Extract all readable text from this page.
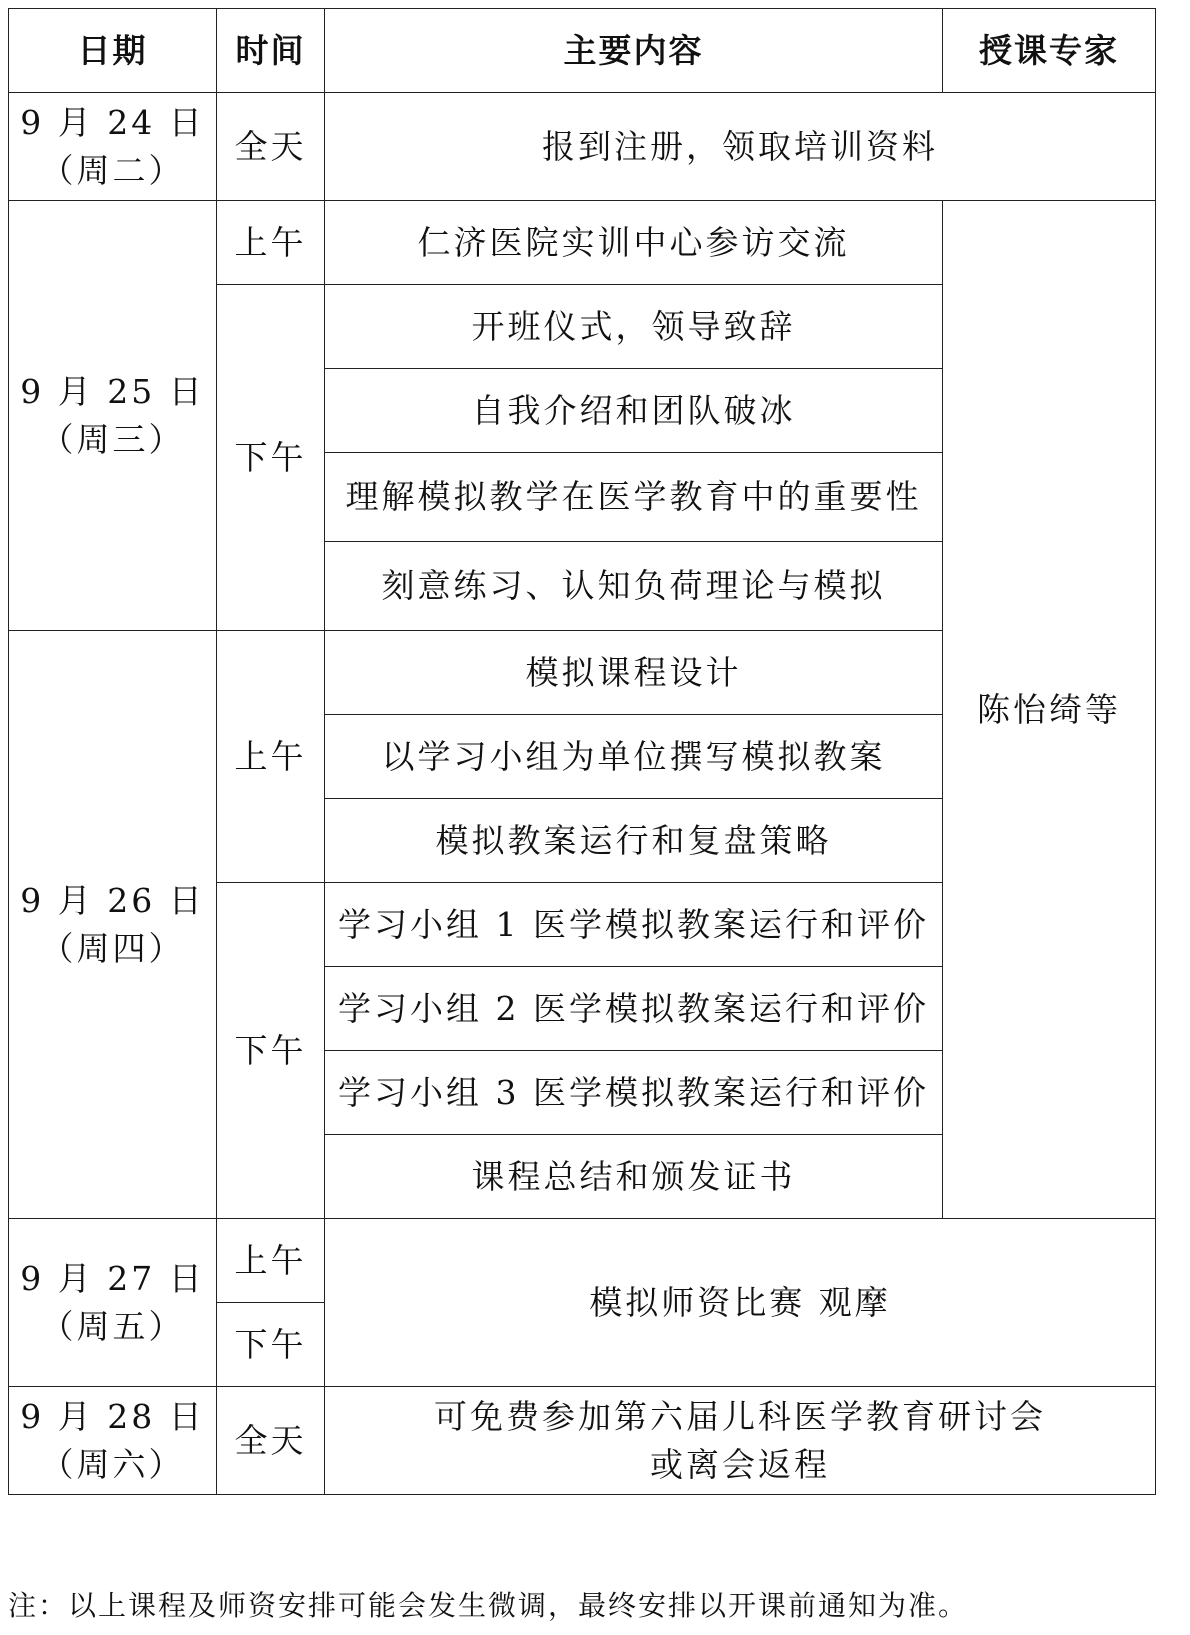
日期	时间	主要内容	授课专家

9 月 24 日
（周二）	全天	报到注册，领取培训资料	

9 月 25 日
（周三）	上午	仁济医院实训中心参访交流	陈怡绮等
	下午	开班仪式，领导致辞	
		自我介绍和团队破冰	
		理解模拟教学在医学教育中的重要性	
		刻意练习、认知负荷理论与模拟	

9 月 26 日
（周四）	上午	模拟课程设计	
		以学习小组为单位撰写模拟教案	
		模拟教案运行和复盘策略	
	下午	学习小组 1 医学模拟教案运行和评价	
		学习小组 2 医学模拟教案运行和评价	
		学习小组 3 医学模拟教案运行和评价	
		课程总结和颁发证书	

9 月 27 日
（周五）	上午	模拟师资比赛 观摩	
	下午		

9 月 28 日
（周六）	全天	可免费参加第六届儿科医学教育研讨会
或离会返程	
注：以上课程及师资安排可能会发生微调，最终安排以开课前通知为准。
